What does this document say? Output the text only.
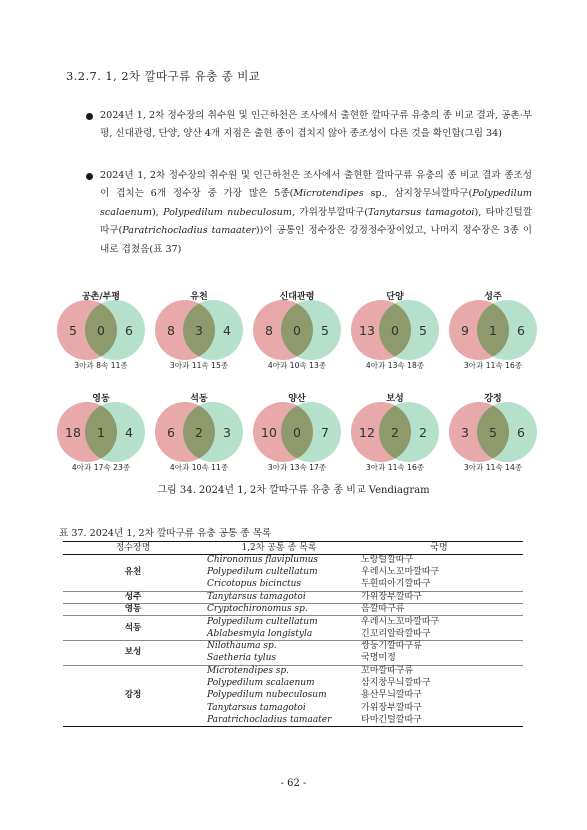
3.2.7. 1, 2차 깔따구류 유충 종 비교

2024년 1, 2차 정수장의 취수원 및 인근하천은 조사에서 출현한 깔따구류 유충의 종 비교 결과, 공촌·부평, 신대관령, 단양, 양산 4개 지점은 출현 종이 겹치지 않아 종조성이 다른 것을 확인함(그림 34)

2024년 1, 2차 정수장의 취수원 및 인근하천은 조사에서 출현한 깔따구류 유충의 종 비교 결과 종조성이 겹치는 6개 정수장 중 가장 많은 5종(Microtendipes sp., 삼지창무늬깔따구(Polypedilum scalaenum), Polypedilum nubeculosum, 가위장부깔따구(Tanytarsus tamagotoi), 타마긴털깔따구(Paratrichocladius tamaater))이 공통인 정수장은 강정정수장이었고, 나머지 정수장은 3종 이내로 겹쳤음(표 37)

공촌/부평
5 0 6
3아과 8속 11종
유천
8 3 4
3아과 11속 15종
신대관령
8 0 5
4아과 10속 13종
단양
13 0 5
4아과 13속 18종
성주
9 1 6
3아과 11속 16종
영동
18 1 4
4아과 17속 23종
석동
6 2 3
4아과 10속 11종
양산
10 0 7
3아과 13속 17종
보성
12 2 2
3아과 11속 16종
강정
3 5 6
3아과 11속 14종
그림 34. 2024년 1, 2차 깔따구류 유충 종 비교 Vendiagram
표 37. 2024년 1, 2차 깔따구류 유충 공통 종 목록
정수장명	1,2차 공통 종 목록	국명
유천	Chironomus flaviplumus	노랑털깔따구
	Polypedilum cultellatum	우레시노꼬마깔따구
	Cricotopus bicinctus	두흰띠아기깔따구
성주	Tanytarsus tamagotoi	가위장부깔따구
영동	Cryptochironomus sp.	음깔따구류
석동	Polypedilum cultellatum	우레시노꼬마깔따구
	Ablabesmyia longistyla	긴꼬리알락깔따구
보성	Nilothauma sp.	쌍둥기깔따구류
	Saetheria tylus	국명미정
강정	Microtendipes sp.	꼬마깔따구류
	Polypedilum scalaenum	삼지창무늬깔따구
	Polypedilum nubeculosum	용산무늬깔따구
	Tanytarsus tamagotoi	가위장부깔따구
	Paratrichocladius tamaater	타마긴털깔따구
- 62 -
